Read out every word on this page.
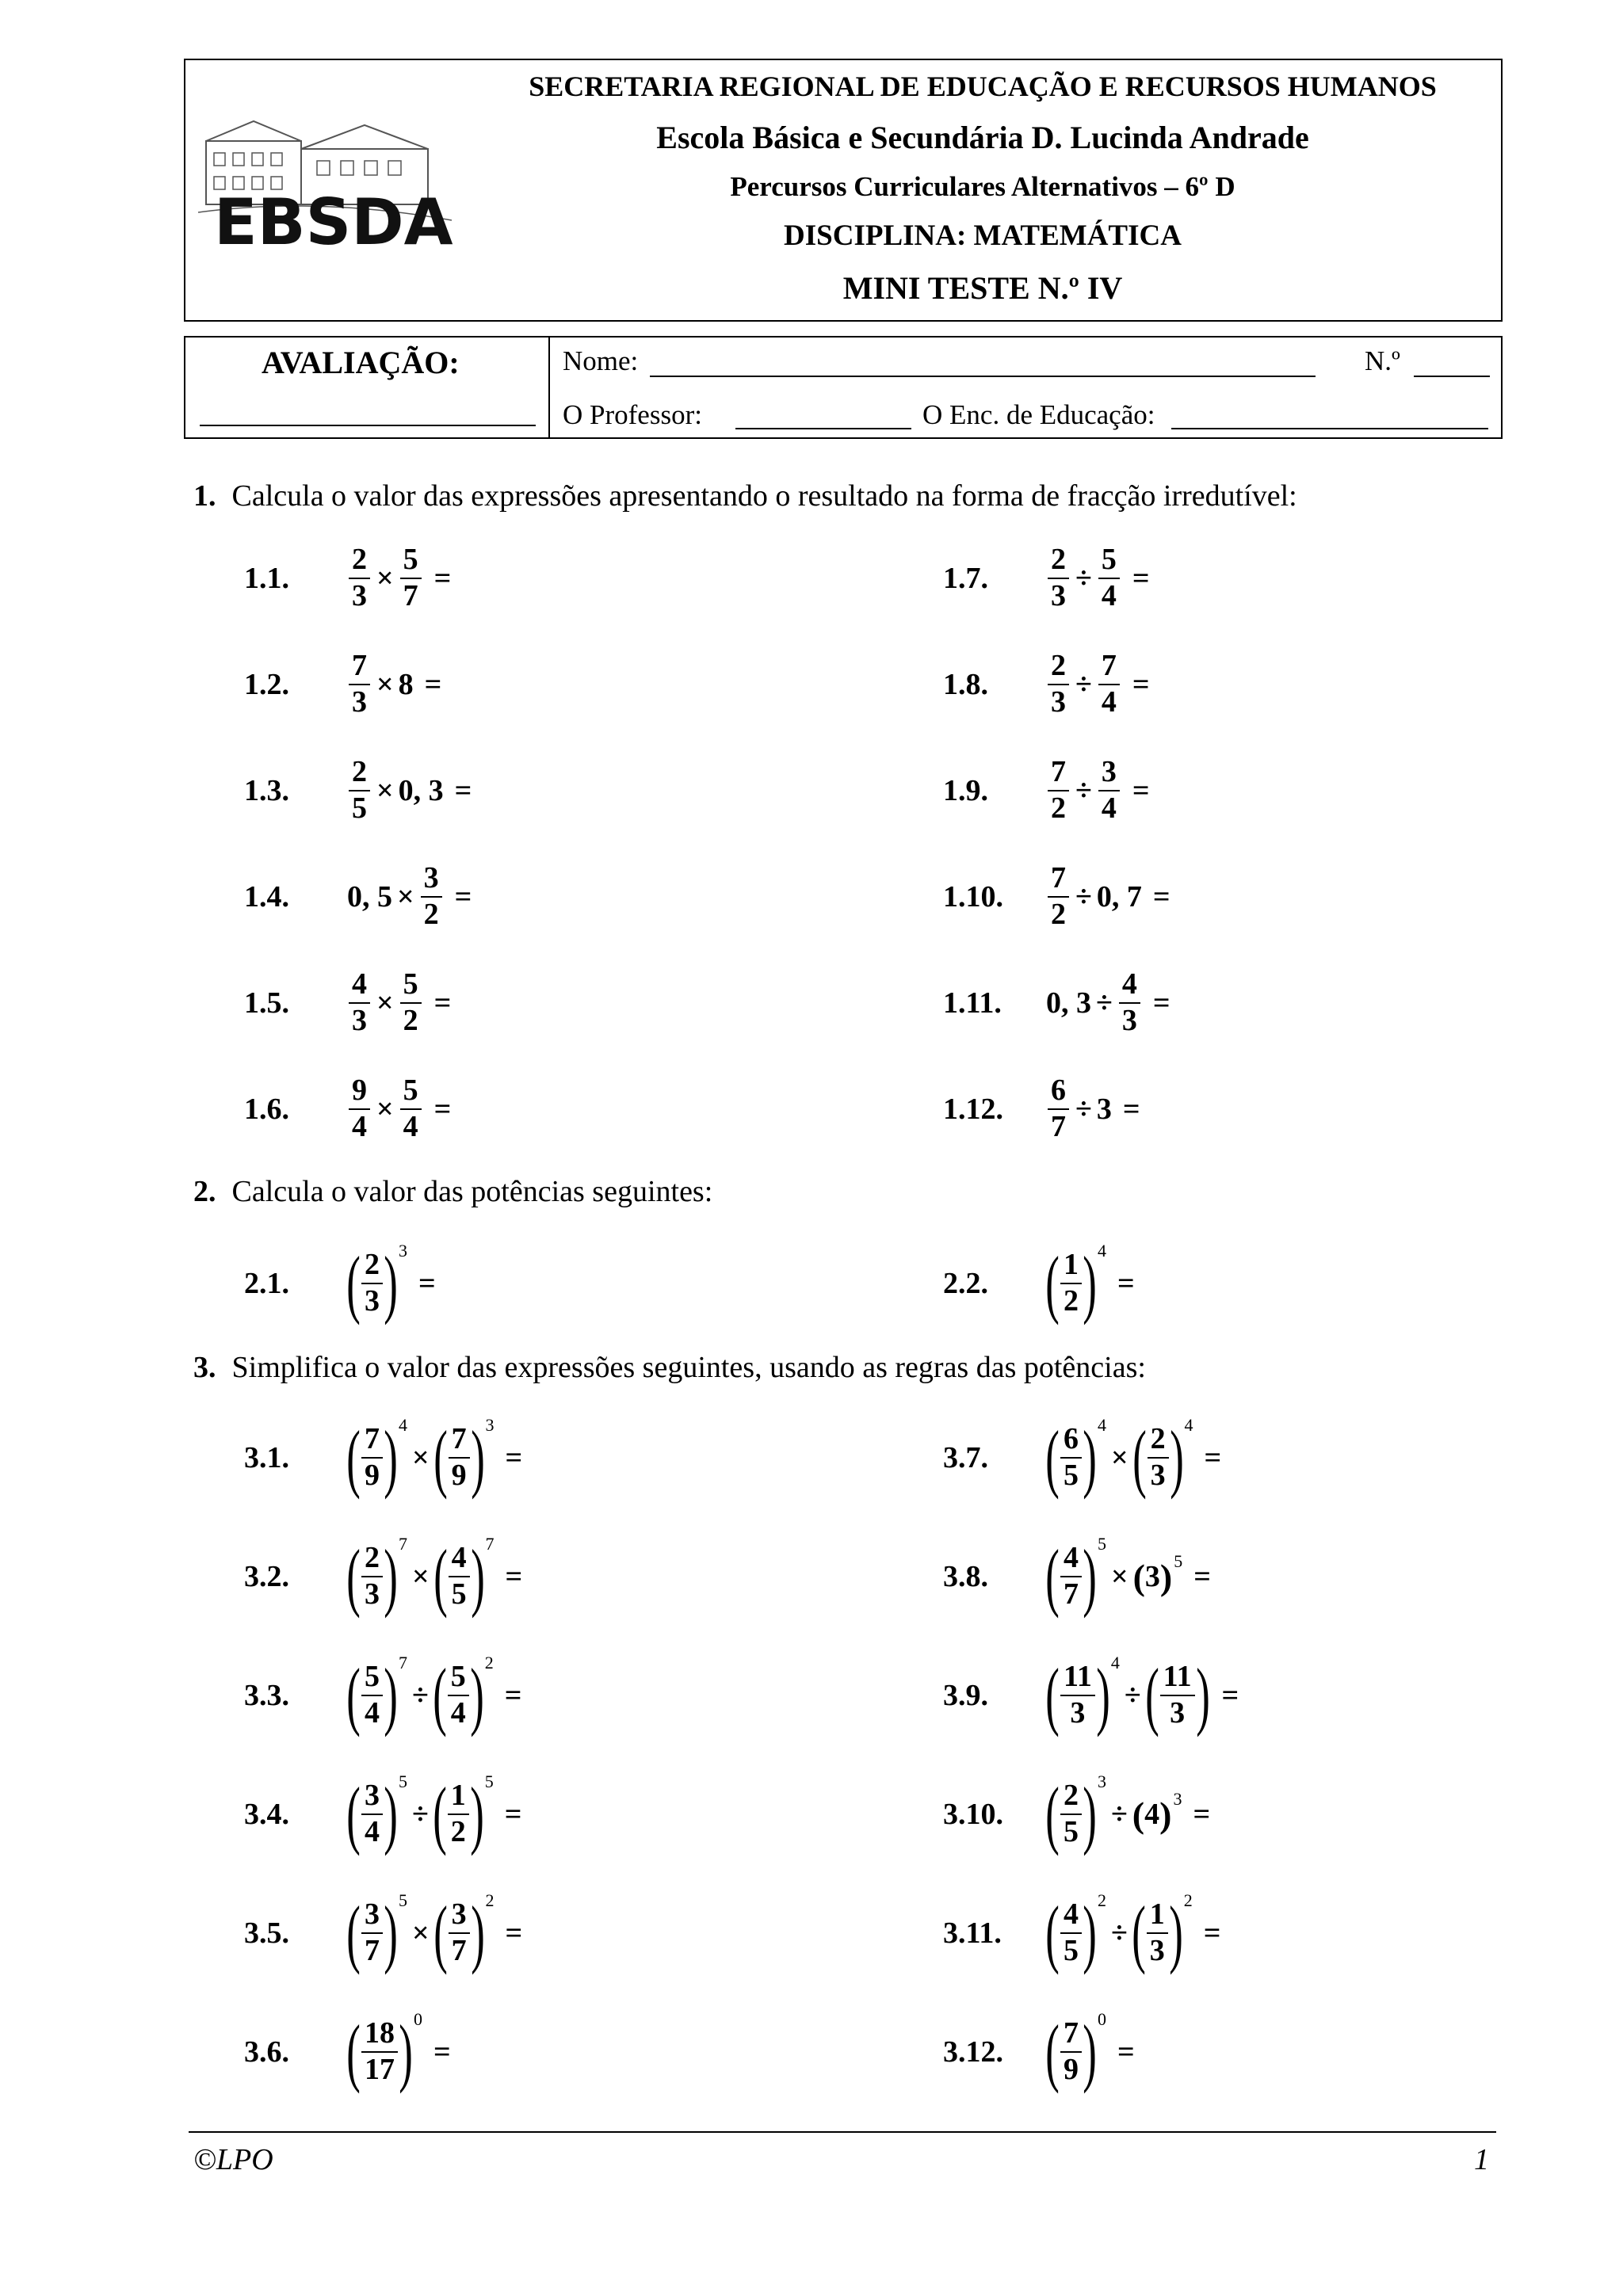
EBSDA
SECRETARIA REGIONAL DE EDUCAÇÃO E RECURSOS HUMANOS
Escola Básica e Secundária D. Lucinda Andrade
Percursos Curriculares Alternativos – 6º D
DISCIPLINA: MATEMÁTICA
MINI TESTE N.º IV
AVALIAÇÃO:	Nome:	N.º
O Professor:	O Enc. de Educação:
1. Calcula o valor das expressões apresentando o resultado na forma de fracção irredutível:
2. Calcula o valor das potências seguintes:
3. Simplifica o valor das expressões seguintes, usando as regras das potências:
1.1.	$\frac{2}{3} \times \frac{5}{7}$ =
1.2.	$\frac{7}{3} \times 8$ =
1.3.	$\frac{2}{5} \times 0$, 3 =
1.4.	0, $5 \times \frac{3}{2}$ =
1.5.	$\frac{4}{3} \times \frac{5}{2}$ =
1.6.	$\frac{9}{4} \times \frac{5}{4}$ =
1.7.	$\frac{2}{3} \div \frac{5}{4}$ =
1.8.	$\frac{2}{3} \div \frac{7}{4}$ =
1.9.	$\frac{7}{2} \div \frac{3}{4}$ =
1.10.	$\frac{7}{2} \div 0$, 7 =
1.11.	0, $3 \div \frac{4}{3}$ =
1.12.	$\frac{6}{7} \div 3$ =
2.1. ( $\frac{2}{3}$ ) 3
=	2.2. ( $\frac{1}{2}$ ) 4
=
3.1. ( $\frac{7}{9}$ ) 4
× ( $\frac{7}{9}$ ) 3
=
3.2. ( $\frac{2}{3}$ ) 7
× ( $\frac{4}{5}$ ) 7
=
3.3. ( $\frac{5}{4}$ ) 7
÷ ( $\frac{5}{4}$ ) 2
=
3.4. ( $\frac{3}{4}$ ) 5
÷ ( $\frac{1}{2}$ ) 5
=
3.5. ( $\frac{3}{7}$ ) 5
× ( $\frac{3}{7}$ ) 2
=
3.6. ( $\frac{18}{17}$ ) 0
=
3.7. ( $\frac{6}{5}$ ) 4
× ( $\frac{2}{3}$ ) 4
=
3.8. ( $\frac{4}{7}$ ) 5
× ( 3 ) 5 =
3.9. ( $\frac{11}{3}$ ) 4
÷ ( $\frac{11}{3}$ ) =
3.10. ( $\frac{2}{5}$ ) 3
÷ ( 4 ) 3 =
3.11. ( $\frac{4}{5}$ ) 2
÷ ( $\frac{1}{3}$ ) 2
=
3.12. ( $\frac{7}{9}$ ) 0
=
©LPO	1
